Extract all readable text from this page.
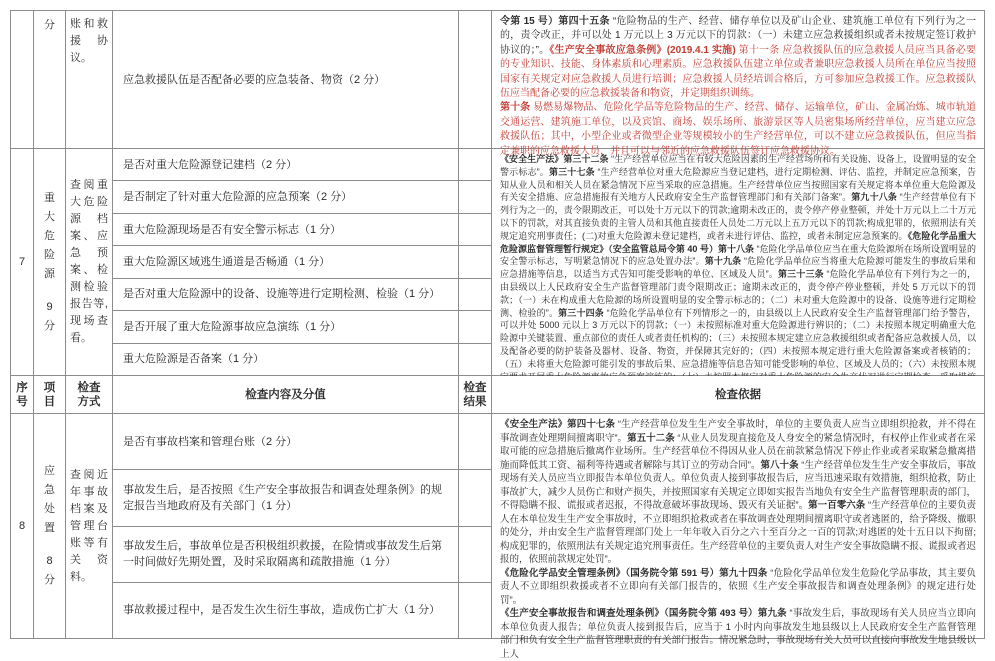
分 账和救援协议。
应急救援队伍是否配备必要的应急装备、物资（2 分）

令第 15 号）第四十五条 “危险物品的生产、经营、储存单位以及矿山企业、建筑施工单位有下列行为之一的，责令改正，并可以处 1 万元以上 3 万元以下的罚款：（一）未建立应急救援组织或者未按规定签订救护协议的；”。《生产安全事故应急条例》(2019.4.1 实施) 第十一条 应急救援队伍的应急救援人员应当具备必要的专业知识、技能、身体素质和心理素质。应急救援队伍建立单位或者兼职应急救援人员所在单位应当按照国家有关规定对应急救援人员进行培训；应急救援人员经培训合格后，方可参加应急救援工作。应急救援队伍应当配备必要的应急救援装备和物资，并定期组织训练。

第十条 易燃易爆物品、危险化学品等危险物品的生产、经营、储存、运输单位，矿山、金属冶炼、城市轨道交通运营、建筑施工单位，以及宾馆、商场、娱乐场所、旅游景区等人员密集场所经营单位，应当建立应急救援队伍；其中，小型企业或者微型企业等规模较小的生产经营单位，可以不建立应急救援队伍，但应当指定兼职的应急救援人员，并且可以与邻近的应急救援队伍签订应急救援协议。

7
重大危险源
9分
查阅重大危险源档案、应急预案、检测检验报告等,现场查看。
是否对重大危险源登记建档（2 分）
是否制定了针对重大危险源的应急预案（2 分）
重大危险源现场是否有安全警示标志（1 分）
重大危险源区域逃生通道是否畅通（1 分）
是否对重大危险源中的设备、设施等进行定期检测、检验（1 分）
是否开展了重大危险源事故应急演练（1 分）
重大危险源是否备案（1 分）

《安全生产法》第三十二条 “生产经营单位应当在有较大危险因素的生产经营场所和有关设施、设备上，设置明显的安全警示标志”。第三十七条 “生产经营单位对重大危险源应当登记建档，进行定期检测、评估、监控，并制定应急预案，告知从业人员和相关人员在紧急情况下应当采取的应急措施。生产经营单位应当按照国家有关规定将本单位重大危险源及有关安全措施、应急措施报有关地方人民政府安全生产监督管理部门和有关部门备案”。第九十八条 “生产经营单位有下列行为之一的，责令限期改正，可以处十万元以下的罚款;逾期未改正的，责令停产停业整顿，并处十万元以上二十万元以下的罚款，对其直接负责的主管人员和其他直接责任人员处二万元以上五万元以下的罚款;构成犯罪的，依照刑法有关规定追究刑事责任；(二)对重大危险源未登记建档，或者未进行评估、监控，或者未制定应急预案的。《危险化学品重大危险源监督管理暂行规定》（安全监管总局令第 40 号）第十八条 “危险化学品单位应当在重大危险源所在场所设置明显的安全警示标志，写明紧急情况下的应急处置办法”。第十九条 “危险化学品单位应当将重大危险源可能发生的事故后果和应急措施等信息，以适当方式告知可能受影响的单位、区域及人员”。第三十三条 “危险化学品单位有下列行为之一的，由县级以上人民政府安全生产监督管理部门责令限期改正；逾期未改正的，责令停产停业整顿，并处 5 万元以下的罚款；（一）未在构成重大危险源的场所设置明显的安全警示标志的；（二）未对重大危险源中的设备、设施等进行定期检测、检验的”。第三十四条 “危险化学品单位有下列情形之一的，由县级以上人民政府安全生产监督管理部门给予警告，可以并处 5000 元以上 3 万元以下的罚款；（一）未按照标准对重大危险源进行辨识的；（二）未按照本规定明确重大危险源中关键装置、重点部位的责任人或者责任机构的；（三）未按照本规定建立应急救援组织或者配备应急救援人员，以及配备必要的防护装备及器材、设备、物资，并保障其完好的；（四）未按照本规定进行重大危险源备案或者核销的；（五）未将重大危险源可能引发的事故后果、应急措施等信息告知可能受影响的单位、区域及人员的；（六）未按照本规

序号
项目
检查方式
检查内容及分值
检查结果
检查依据
8
应急处置
8分
查阅近年事故档案及管理台账等有关资料。
是否有事故档案和管理台账（2 分）
事故发生后，是否按照《生产安全事故报告和调查处理条例》的规定报告当地政府及有关部门（1 分）
事故发生后，事故单位是否积极组织救援，在险情或事故发生后第一时间做好先期处置，及时采取隔离和疏散措施（1 分）
事故救援过程中，是否发生次生衍生事故，造成伤亡扩大（1 分）

《安全生产法》第四十七条 “生产经营单位发生生产安全事故时，单位的主要负责人应当立即组织抢救，并不得在事故调查处理期间擅离职守”。第五十二条 “从业人员发现直接危及人身安全的紧急情况时，有权停止作业或者在采取可能的应急措施后撤离作业场所。生产经营单位不得因从业人员在前款紧急情况下停止作业或者采取紧急撤离措施而降低其工资、福利等待遇或者解除与其订立的劳动合同”。第八十条 “生产经营单位发生生产安全事故后，事故现场有关人员应当立即报告本单位负责人。单位负责人接到事故报告后，应当迅速采取有效措施，组织抢救，防止事故扩大，减少人员伤亡和财产损失，并按照国家有关规定立即如实报告当地负有安全生产监督管理职责的部门，不得隐瞒不报、谎报或者迟报，不得故意破坏事故现场、毁灭有关证据”。第一百零六条 “生产经营单位的主要负责人在本单位发生生产安全事故时，不立即组织抢救或者在事故调查处理期间擅离职守或者逃匿的，给予降级、撤职的处分，并由安全生产监督管理部门处上一年年收入百分之六十至百分之一百的罚款;对逃匿的处十五日以下拘留;构成犯罪的，依照刑法有关规定追究刑事责任。生产经营单位的主要负责人对生产安全事故隐瞒不报、谎报或者迟报的，依照前款规定处罚”。

《危险化学品安全管理条例》（国务院令第 591 号）第九十四条 “危险化学品单位发生危险化学品事故，其主要负责人不立即组织救援或者不立即向有关部门报告的，依照《生产安全事故报告和调查处理条例》的规定进行处罚”。

《生产安全事故报告和调查处理条例》（国务院令第 493 号）第九条 “事故发生后，事故现场有关人员应当立即向本单位负责人报告；单位负责人接到报告后，应当于 1 小时内向事故发生地县级以上人民政府安全生产监督管理部门和负有安全生产监督管理职责的有关部门报告。情况紧急时，事故现场有关人员可以直接向事故发生地县级以上人
